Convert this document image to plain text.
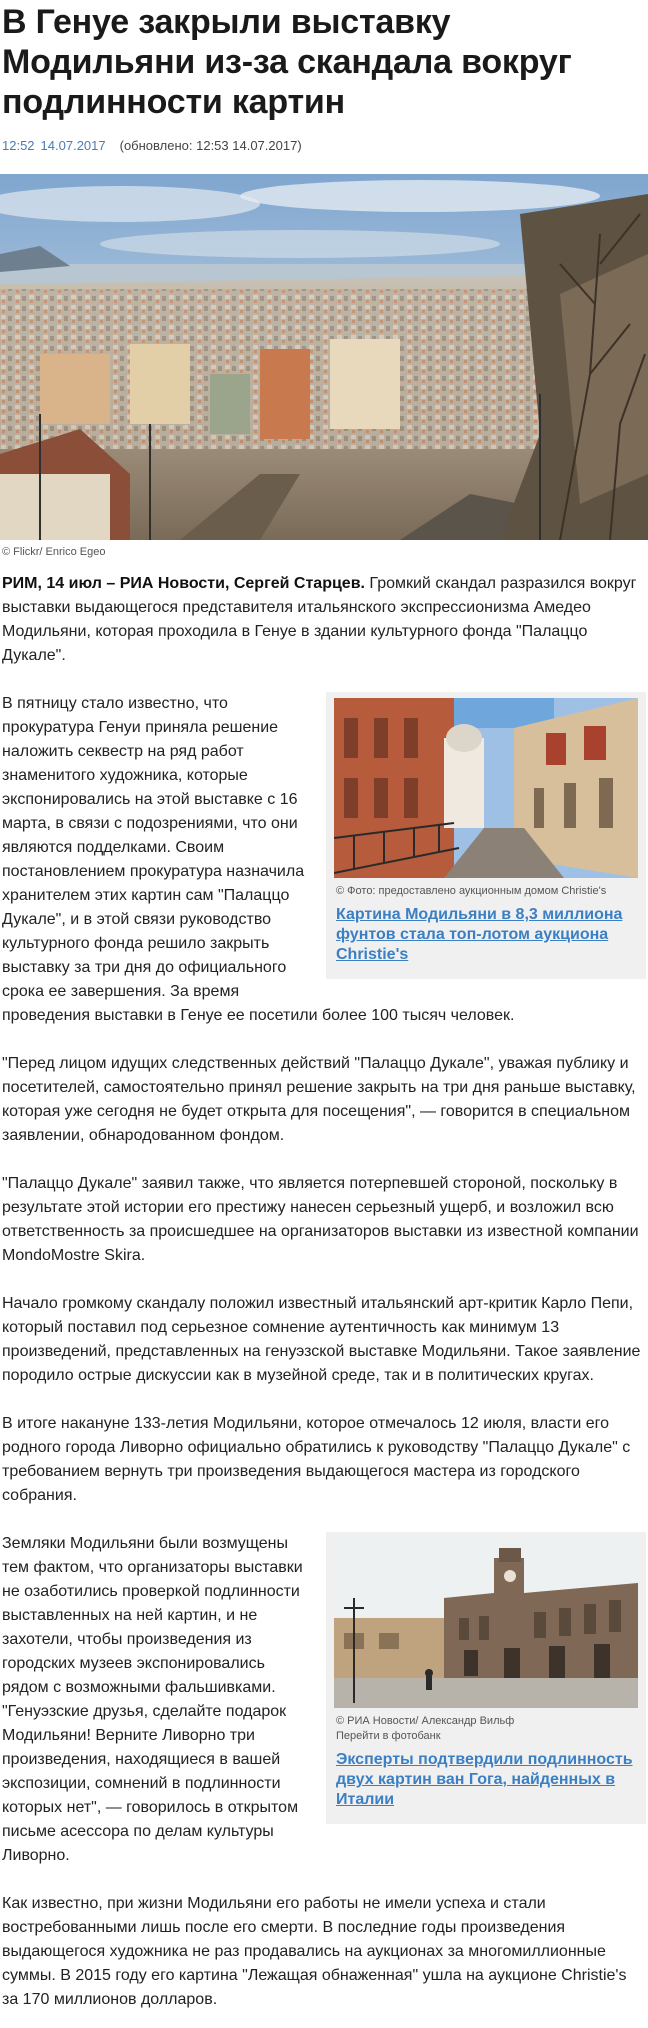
В Генуе закрыли выставку Модильяни из-за скандала вокруг подлинности картин
12:52 14.07.2017 (обновлено: 12:53 14.07.2017)
© Flickr/ Enrico Egeo

РИМ, 14 июл – РИА Новости, Сергей Старцев. Громкий скандал разразился вокруг выставки выдающегося представителя итальянского экспрессионизма Амедео Модильяни, которая проходила в Генуе в здании культурного фонда "Палаццо Дукале".

© Фото: предоставлено аукционным домом Christie's
Картина Модильяни в 8,3 миллиона фунтов стала топ-лотом аукциона Christie's

В пятницу стало известно, что прокуратура Генуи приняла решение наложить секвестр на ряд работ знаменитого художника, которые экспонировались на этой выставке с 16 марта, в связи с подозрениями, что они являются подделками. Своим постановлением прокуратура назначила хранителем этих картин сам "Палаццо Дукале", и в этой связи руководство культурного фонда решило закрыть выставку за три дня до официального срока ее завершения. За время проведения выставки в Генуе ее посетили более 100 тысяч человек.

"Перед лицом идущих следственных действий "Палаццо Дукале", уважая публику и посетителей, самостоятельно принял решение закрыть на три дня раньше выставку, которая уже сегодня не будет открыта для посещения", — говорится в специальном заявлении, обнародованном фондом.

"Палаццо Дукале" заявил также, что является потерпевшей стороной, поскольку в результате этой истории его престижу нанесен серьезный ущерб, и возложил всю ответственность за происшедшее на организаторов выставки из известной компании MondoMostre Skira.

Начало громкому скандалу положил известный итальянский арт-критик Карло Пепи, который поставил под серьезное сомнение аутентичность как минимум 13 произведений, представленных на генуэзской выставке Модильяни. Такое заявление породило острые дискуссии как в музейной среде, так и в политических кругах.

В итоге накануне 133-летия Модильяни, которое отмечалось 12 июля, власти его родного города Ливорно официально обратились к руководству "Палаццо Дукале" с требованием вернуть три произведения выдающегося мастера из городского собрания.

© РИА Новости/ Александр Вильф
Перейти в фотобанк
Эксперты подтвердили подлинность двух картин ван Гога, найденных в Италии

Земляки Модильяни были возмущены тем фактом, что организаторы выставки не озаботились проверкой подлинности выставленных на ней картин, и не захотели, чтобы произведения из городских музеев экспонировались рядом с возможными фальшивками. "Генуэзские друзья, сделайте подарок Модильяни! Верните Ливорно три произведения, находящиеся в вашей экспозиции, сомнений в подлинности которых нет", — говорилось в открытом письме асессора по делам культуры Ливорно.

Как известно, при жизни Модильяни его работы не имели успеха и стали востребованными лишь после его смерти. В последние годы произведения выдающегося художника не раз продавались на аукционах за многомиллионные суммы. В 2015 году его картина "Лежащая обнаженная" ушла на аукционе Christie's за 170 миллионов долларов.
